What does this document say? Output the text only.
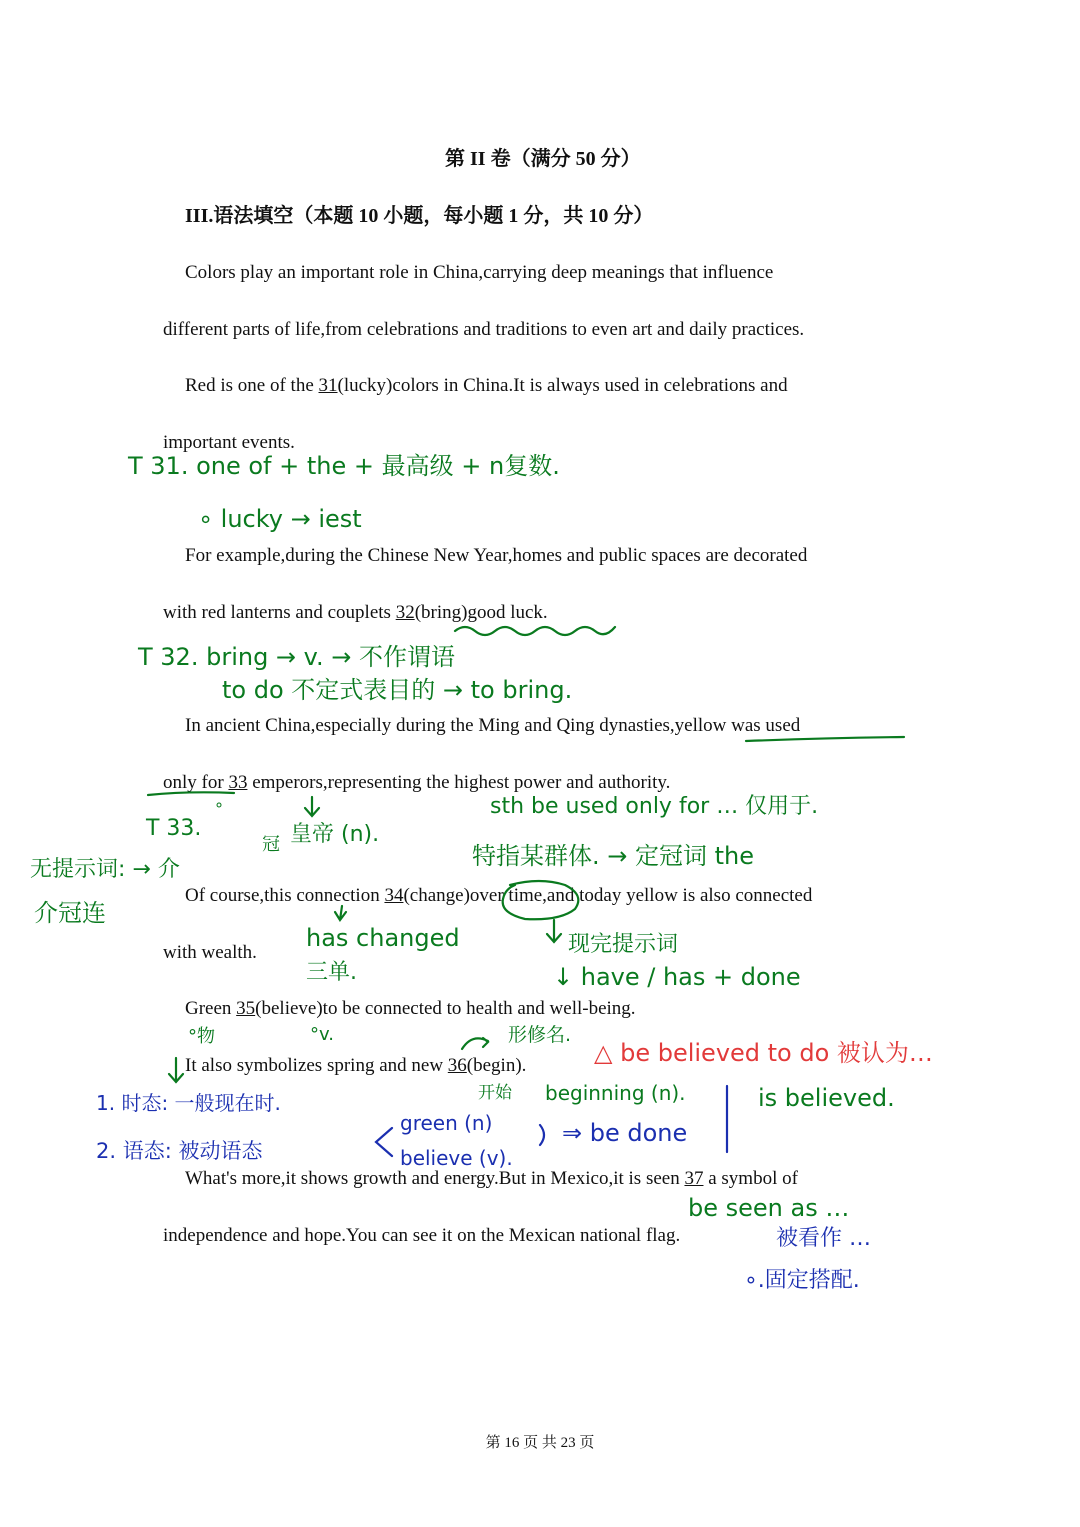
第 II 卷（满分 50 分）
III.语法填空（本题 10 小题，每小题 1 分，共 10 分）
Colors play an important role in China,carrying deep meanings that influence
different parts of life,from celebrations and traditions to even art and daily practices.
Red is one of the 31(lucky)colors in China.It is always used in celebrations and
important events.
For example,during the Chinese New Year,homes and public spaces are decorated
with red lanterns and couplets 32(bring)good luck.
In ancient China,especially during the Ming and Qing dynasties,yellow was used
only for 33 emperors,representing the highest power and authority.
Of course,this connection 34(change)over time,and today yellow is also connected
with wealth.
Green 35(believe)to be connected to health and well-being.
It also symbolizes spring and new 36(begin).
What's more,it shows growth and energy.But in Mexico,it is seen 37 a symbol of
independence and hope.You can see it on the Mexican national flag.
T 31. one of + the + 最高级 + n复数.
∘ lucky → iest
T 32. bring → v. → 不作谓语
to do 不定式表目的 → to bring.
T 33.
∘
皇帝 (n).
sth be used only for … 仅用于.
特指某群体. → 定冠词 the
无提示词: → 介
介冠连
冠
has changed
三单.
现完提示词
↓ have / has + done
°物	°v.	形修名.
开始 beginning (n).
△ be believed to do 被认为…
is believed.
1. 时态: 一般现在时.
2. 语态: 被动语态
green (n)
believe (v).
⇒ be done
be seen as …
被看作 …
∘.固定搭配.
第 16 页 共 23 页
